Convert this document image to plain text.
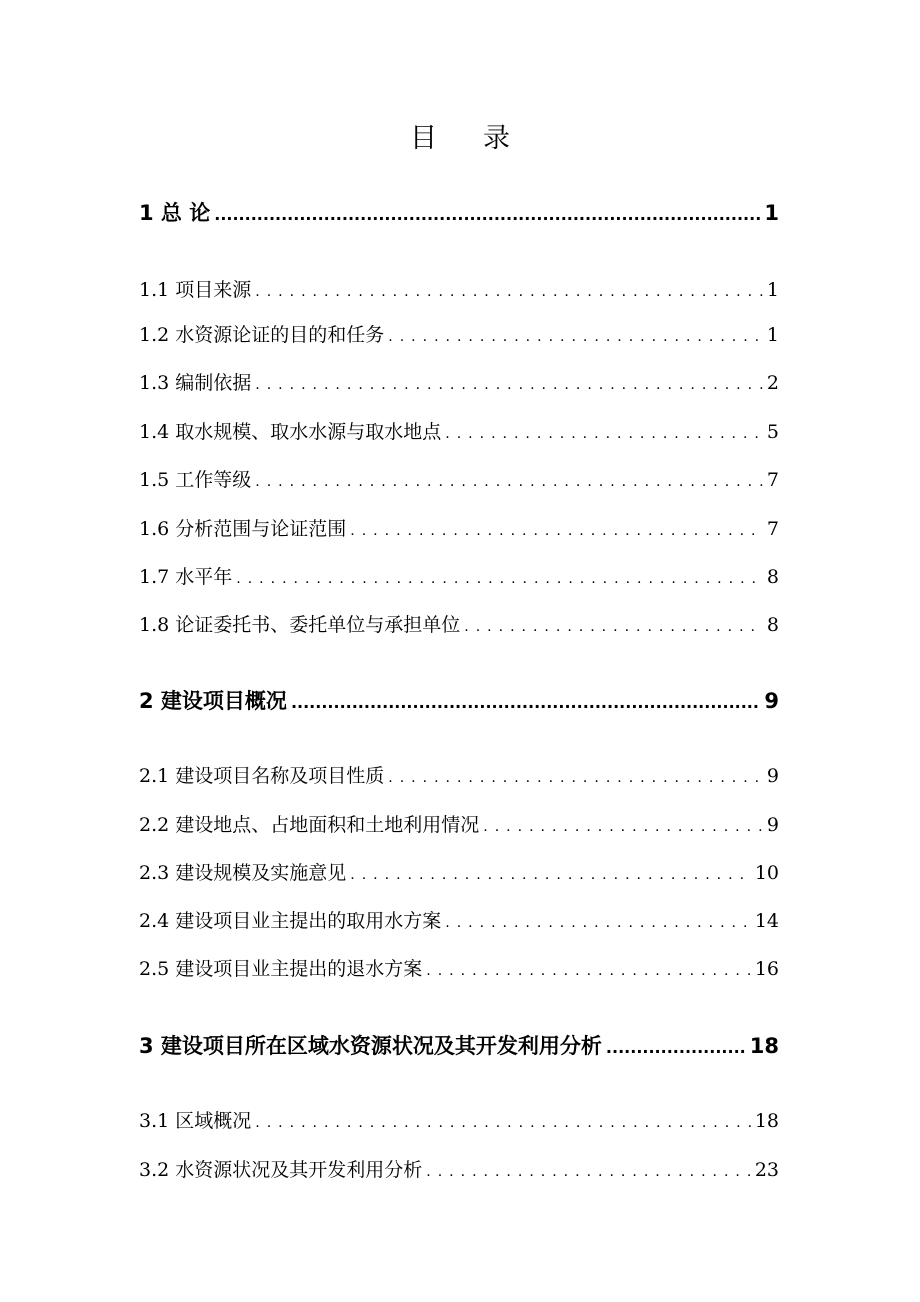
目 录
1 总 论 .....	1
1.1 项目来源 .....	1
1.2 水资源论证的目的和任务 .....	1
1.3 编制依据 .....	2
1.4 取水规模、取水水源与取水地点 .....	5
1.5 工作等级 .....	7
1.6 分析范围与论证范围 .....	7
1.7 水平年 .....	8
1.8 论证委托书、委托单位与承担单位 .....	8
2 建设项目概况 .....	9
2.1 建设项目名称及项目性质 .....	9
2.2 建设地点、占地面积和土地利用情况 .....	9
2.3 建设规模及实施意见 .....	10
2.4 建设项目业主提出的取用水方案 .....	14
2.5 建设项目业主提出的退水方案 .....	16
3 建设项目所在区域水资源状况及其开发利用分析 .....	18
3.1 区域概况 .....	18
3.2 水资源状况及其开发利用分析 .....	23
